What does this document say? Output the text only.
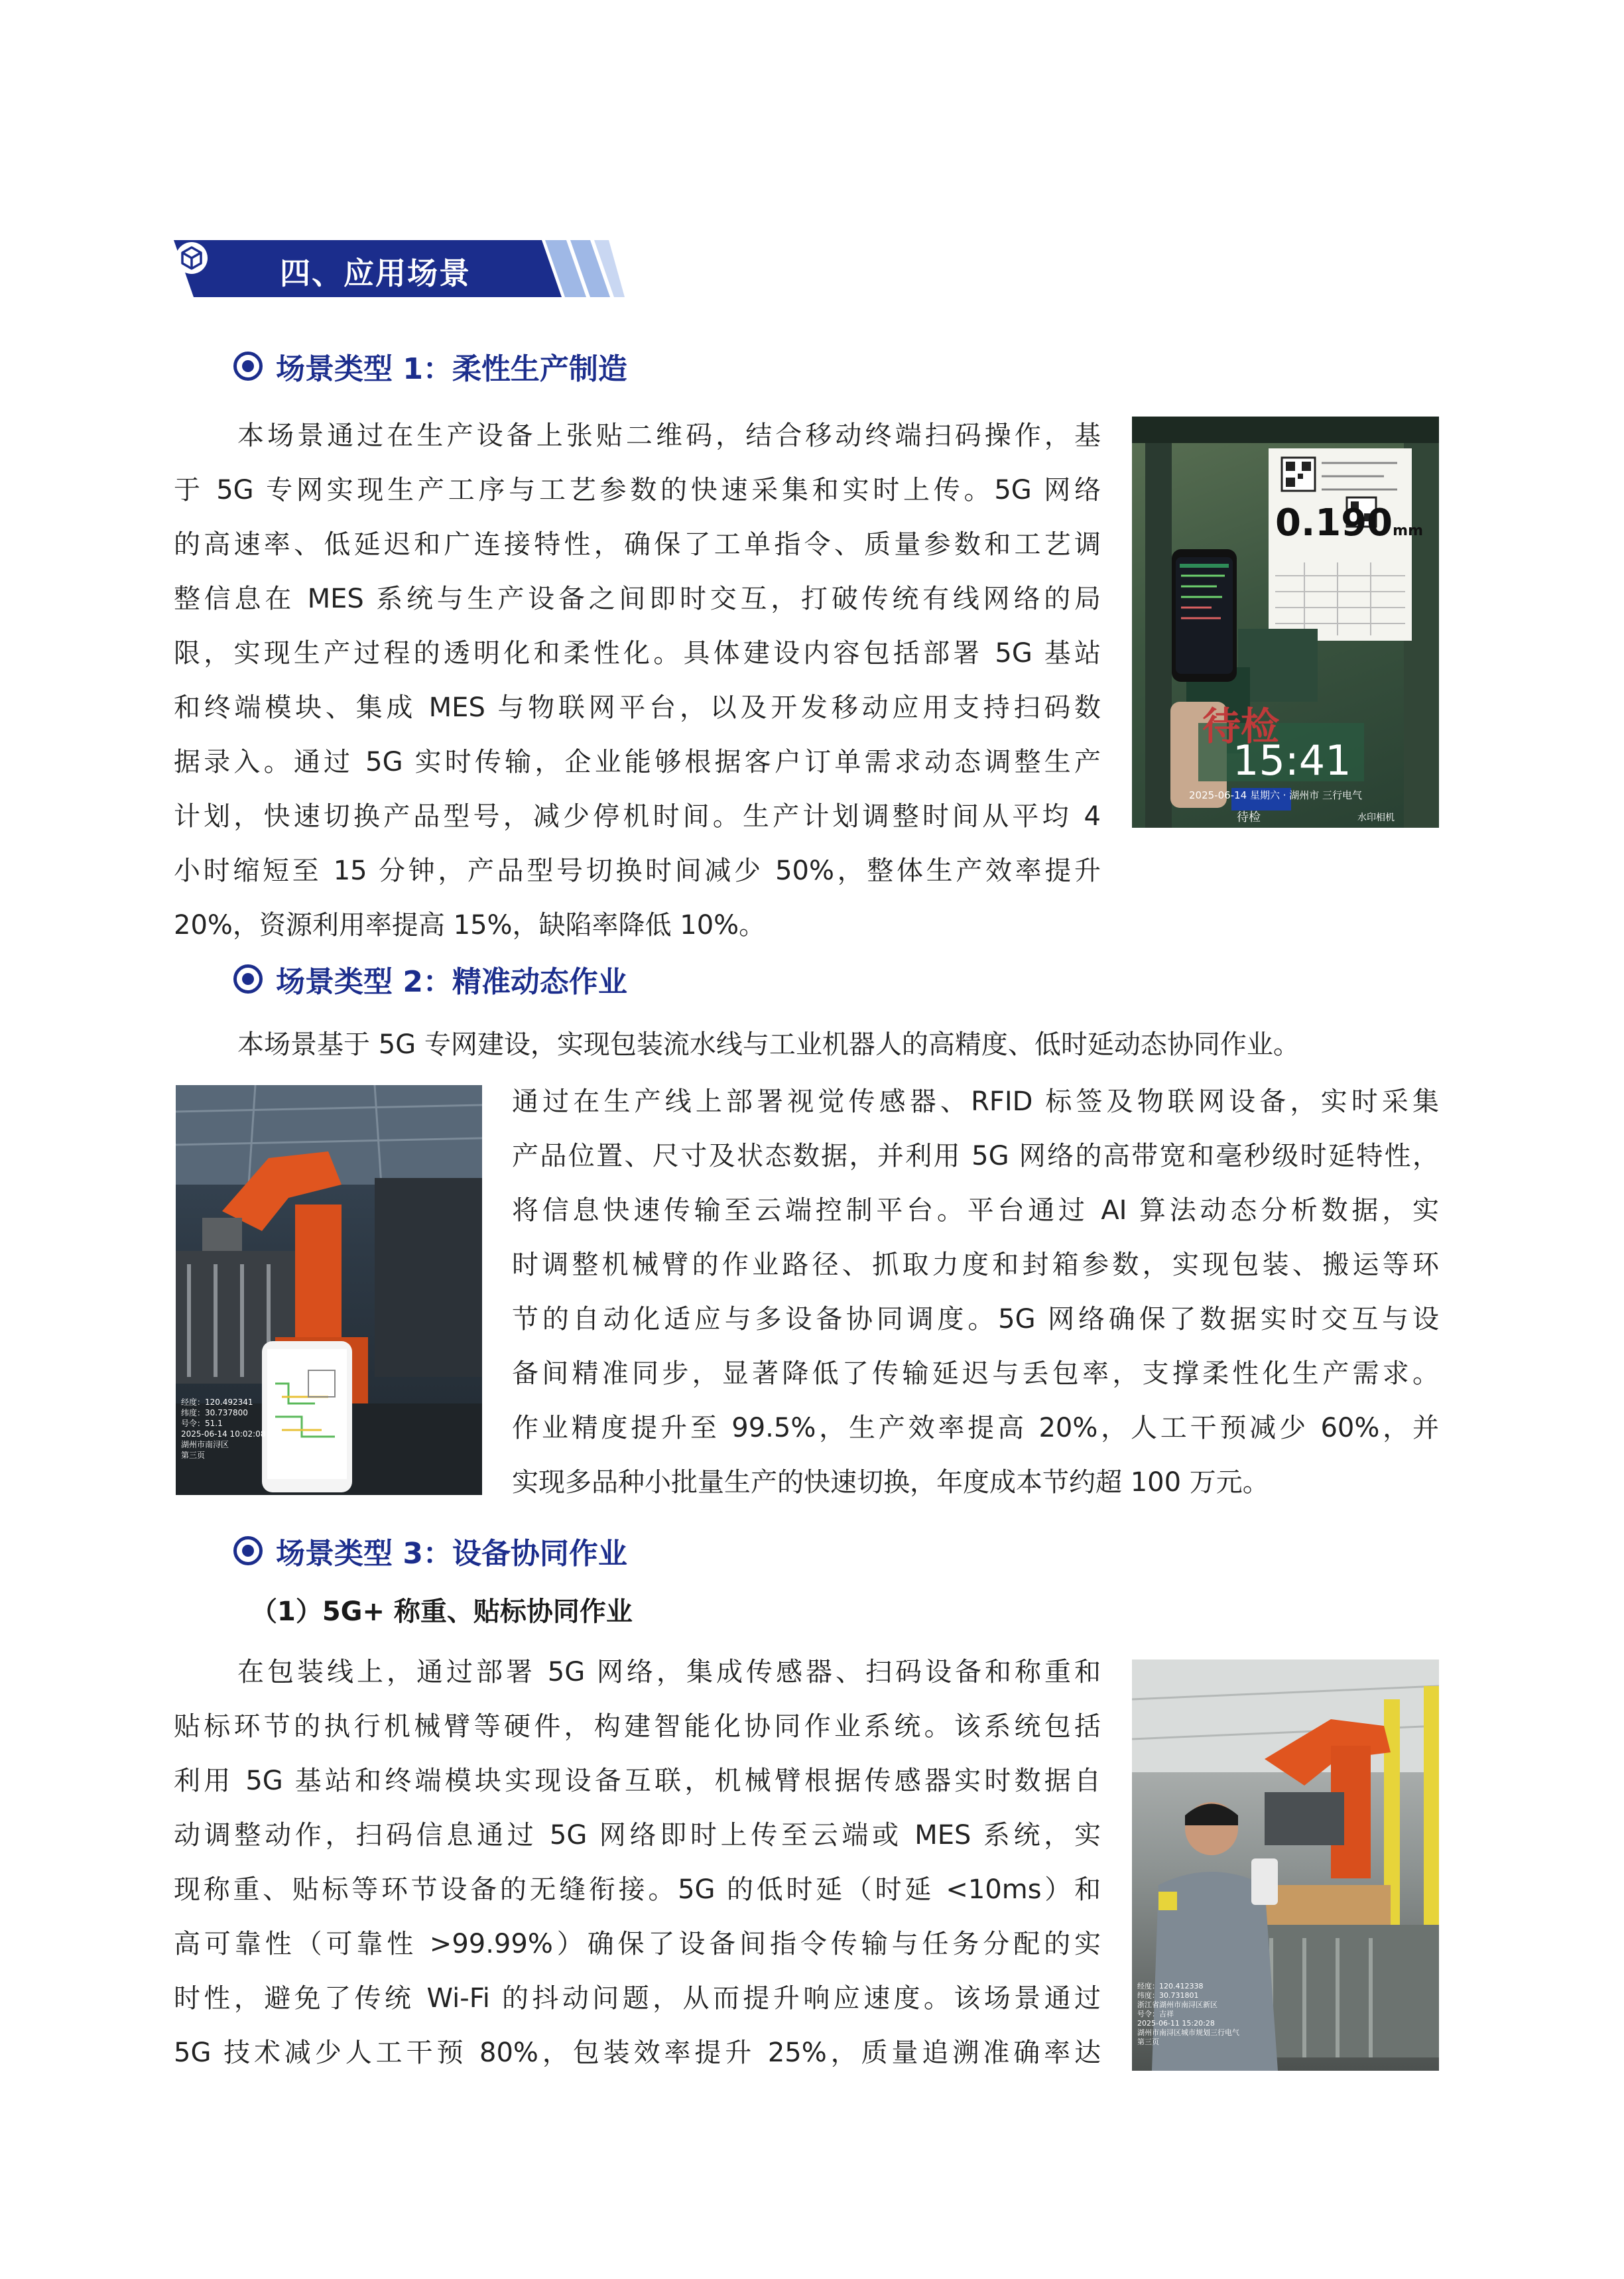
四、应用场景
场景类型 1：柔性生产制造
本场景通过在生产设备上张贴二维码，结合移动终端扫码操作，基
于 5G 专网实现生产工序与工艺参数的快速采集和实时上传。5G 网络
的高速率、低延迟和广连接特性，确保了工单指令、质量参数和工艺调
整信息在 MES 系统与生产设备之间即时交互，打破传统有线网络的局
限，实现生产过程的透明化和柔性化。具体建设内容包括部署 5G 基站
和终端模块、集成 MES 与物联网平台，以及开发移动应用支持扫码数
据录入。通过 5G 实时传输，企业能够根据客户订单需求动态调整生产
计划，快速切换产品型号，减少停机时间。生产计划调整时间从平均 4
小时缩短至 15 分钟，产品型号切换时间减少 50%，整体生产效率提升
20%，资源利用率提高 15%，缺陷率降低 10%。
0.190mm
待检
15:41
2025-06-14 星期六 · 湖州市 三行电气
待检	水印相机
场景类型 2：精准动态作业
本场景基于 5G 专网建设，实现包装流水线与工业机器人的高精度、低时延动态协同作业。
通过在生产线上部署视觉传感器、RFID 标签及物联网设备，实时采集
产品位置、尺寸及状态数据，并利用 5G 网络的高带宽和毫秒级时延特性，
将信息快速传输至云端控制平台。平台通过 AI 算法动态分析数据，实
时调整机械臂的作业路径、抓取力度和封箱参数，实现包装、搬运等环
节的自动化适应与多设备协同调度。5G 网络确保了数据实时交互与设
备间精准同步，显著降低了传输延迟与丢包率，支撑柔性化生产需求。
作业精度提升至 99.5%，生产效率提高 20%，人工干预减少 60%，并
实现多品种小批量生产的快速切换，年度成本节约超 100 万元。
经度：120.492341
纬度：30.737800
号令：51.1
2025-06-14 10:02:08
湖州市南浔区
第三页
场景类型 3：设备协同作业
（1）5G+ 称重、贴标协同作业
在包装线上，通过部署 5G 网络，集成传感器、扫码设备和称重和
贴标环节的执行机械臂等硬件，构建智能化协同作业系统。该系统包括
利用 5G 基站和终端模块实现设备互联，机械臂根据传感器实时数据自
动调整动作，扫码信息通过 5G 网络即时上传至云端或 MES 系统，实
现称重、贴标等环节设备的无缝衔接。5G 的低时延（时延 <10ms）和
高可靠性（可靠性 >99.99%）确保了设备间指令传输与任务分配的实
时性，避免了传统 Wi-Fi 的抖动问题，从而提升响应速度。该场景通过
5G 技术减少人工干预 80%，包装效率提升 25%，质量追溯准确率达
经度：120.412338
纬度：30.731801
浙江省湖州市南浔区新区
号令：吉祥
2025-06-11 15:20:28
湖州市南浔区城市规划三行电气
第三页
